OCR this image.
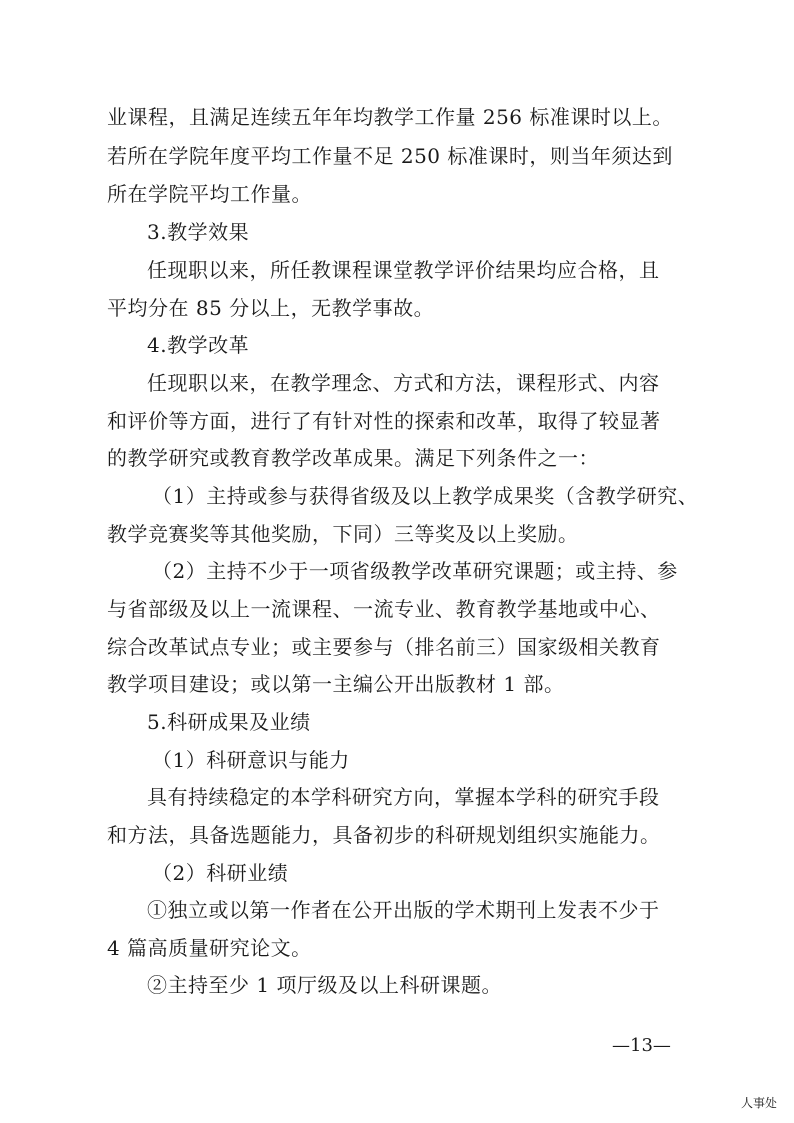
业课程，且满足连续五年年均教学工作量 256 标准课时以上。
若所在学院年度平均工作量不足 250 标准课时，则当年须达到
所在学院平均工作量。
3.教学效果
任现职以来，所任教课程课堂教学评价结果均应合格，且
平均分在 85 分以上，无教学事故。
4.教学改革
任现职以来，在教学理念、方式和方法，课程形式、内容
和评价等方面，进行了有针对性的探索和改革，取得了较显著
的教学研究或教育教学改革成果。满足下列条件之一：
（1）主持或参与获得省级及以上教学成果奖（含教学研究、
教学竞赛奖等其他奖励，下同）三等奖及以上奖励。
（2）主持不少于一项省级教学改革研究课题；或主持、参
与省部级及以上一流课程、一流专业、教育教学基地或中心、
综合改革试点专业；或主要参与（排名前三）国家级相关教育
教学项目建设；或以第一主编公开出版教材 1 部。
5.科研成果及业绩
（1）科研意识与能力
具有持续稳定的本学科研究方向，掌握本学科的研究手段
和方法，具备选题能力，具备初步的科研规划组织实施能力。
（2）科研业绩
①独立或以第一作者在公开出版的学术期刊上发表不少于
4 篇高质量研究论文。
②主持至少 1 项厅级及以上科研课题。
—13—
人事处
